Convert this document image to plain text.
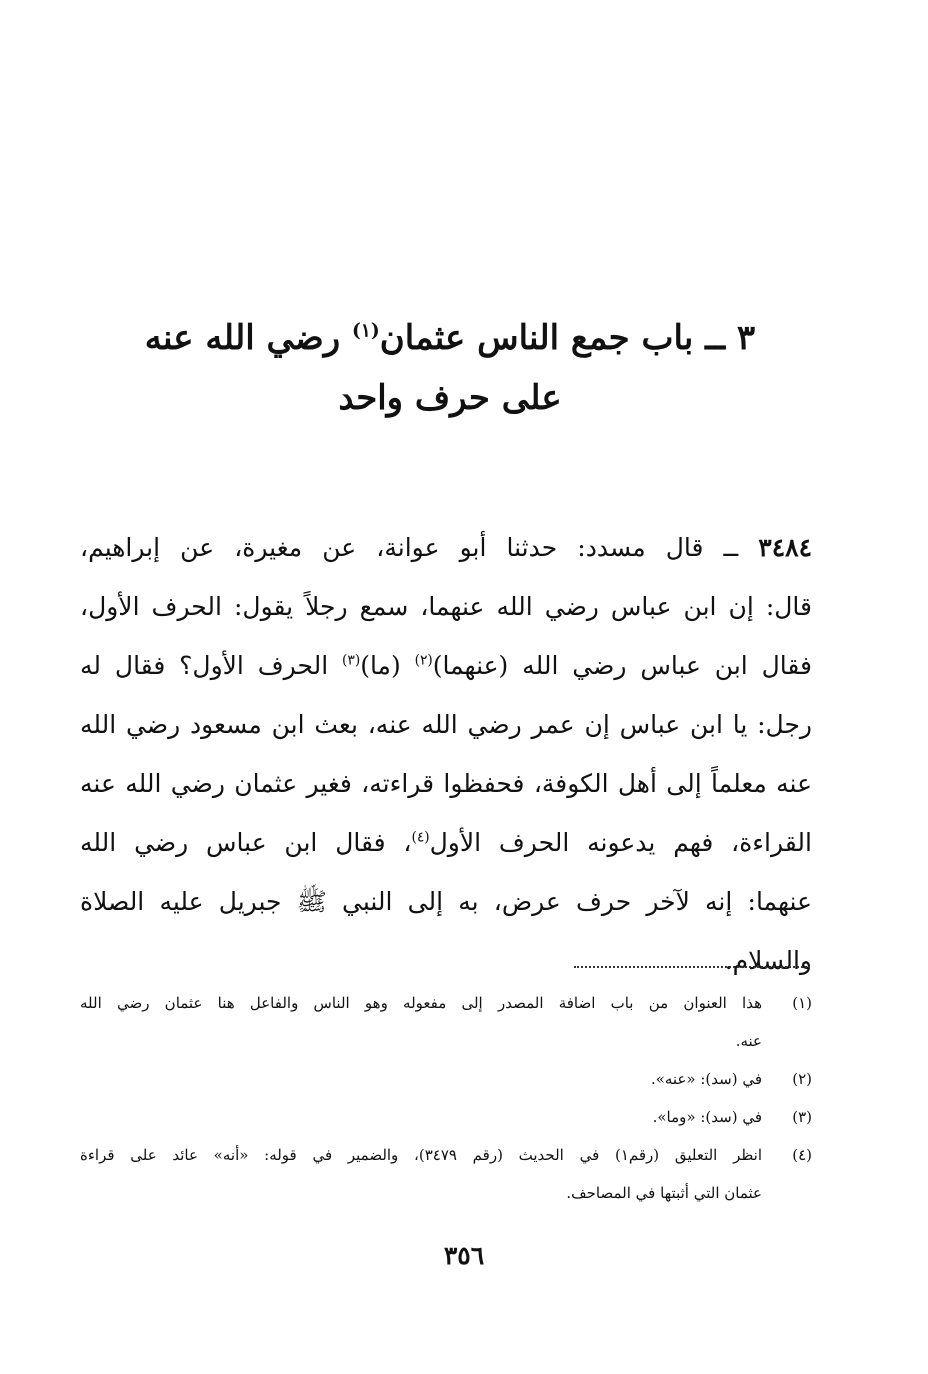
٣ ــ باب جمع الناس عثمان$^{(١)}$ رضي الله عنه
على حرف واحد
٣٤٨٤ ــ قال مسدد: حدثنا أبو عوانة، عن مغيرة، عن إبراهيم،
قال: إن ابن عباس رضي الله عنهما، سمع رجلاً يقول: الحرف الأول،
فقال ابن عباس رضي الله (عنهما)$^{(٢)}$ (ما)$^{(٣)}$ الحرف الأول؟ فقال له
رجل: يا ابن عباس إن عمر رضي الله عنه، بعث ابن مسعود رضي الله
عنه معلماً إلى أهل الكوفة، فحفظوا قراءته، فغير عثمان رضي الله عنه
القراءة، فهم يدعونه الحرف الأول$^{(٤)}$، فقال ابن عباس رضي الله
عنهما: إنه لآخر حرف عرض، به إلى النبي ﷺ جبريل عليه الصلاة
والسلام.
(١)
هذا العنوان من باب اضافة المصدر إلى مفعوله وهو الناس والفاعل هنا عثمان رضي الله
عنه.
(٢)
في (سد): «عنه».
(٣)
في (سد): «وما».
(٤)
انظر التعليق (رقم١) في الحديث (رقم ٣٤٧٩)، والضمير في قوله: «أنه» عائد على قراءة
عثمان التي أثبتها في المصاحف.
٣٥٦
